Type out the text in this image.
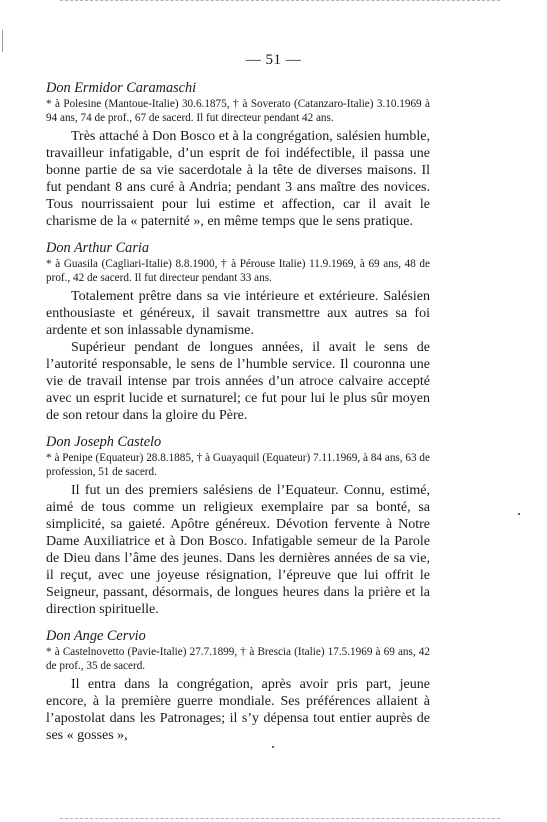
— 51 —

Don Ermidor Caramaschi

* à Polesine (Mantoue-Italie) 30.6.1875, † à Soverato (Catanzaro-Italie) 3.10.1969 à 94 ans, 74 de prof., 67 de sacerd. Il fut directeur pendant 42 ans.

Très attaché à Don Bosco et à la congrégation, salésien humble, travailleur infatigable, d’un esprit de foi indéfectible, il passa une bonne partie de sa vie sacerdotale à la tête de diverses maisons. Il fut pendant 8 ans curé à Andria; pendant 3 ans maître des novices. Tous nourrissaient pour lui estime et affection, car il avait le charisme de la « paternité », en même temps que le sens pratique.

Don Arthur Caria

* à Guasila (Cagliari-Italie) 8.8.1900, † à Pérouse Italie) 11.9.1969, à 69 ans, 48 de prof., 42 de sacerd. Il fut directeur pendant 33 ans.

Totalement prêtre dans sa vie intérieure et extérieure. Salésien enthousiaste et généreux, il savait transmettre aux autres sa foi ardente et son inlassable dynamisme.

Supérieur pendant de longues années, il avait le sens de l’autorité responsable, le sens de l’humble service. Il couronna une vie de travail intense par trois années d’un atroce calvaire accepté avec un esprit lucide et surnaturel; ce fut pour lui le plus sûr moyen de son retour dans la gloire du Père.

Don Joseph Castelo

* à Penipe (Equateur) 28.8.1885, † à Guayaquil (Equateur) 7.11.1969, à 84 ans, 63 de profession, 51 de sacerd.

Il fut un des premiers salésiens de l’Equateur. Connu, estimé, aimé de tous comme un religieux exemplaire par sa bonté, sa simplicité, sa gaieté. Apôtre généreux. Dévotion fervente à Notre Dame Auxiliatrice et à Don Bosco. Infatigable semeur de la Parole de Dieu dans l’âme des jeunes. Dans les dernières années de sa vie, il reçut, avec une joyeuse résignation, l’épreuve que lui offrit le Seigneur, passant, désormais, de longues heures dans la prière et la direction spirituelle.

Don Ange Cervio

* à Castelnovetto (Pavie-Italie) 27.7.1899, † à Brescia (Italie) 17.5.1969 à 69 ans, 42 de prof., 35 de sacerd.

Il entra dans la congrégation, après avoir pris part, jeune encore, à la première guerre mondiale. Ses préférences allaient à l’apostolat dans les Patronages; il s’y dépensa tout entier auprès de ses « gosses »,
